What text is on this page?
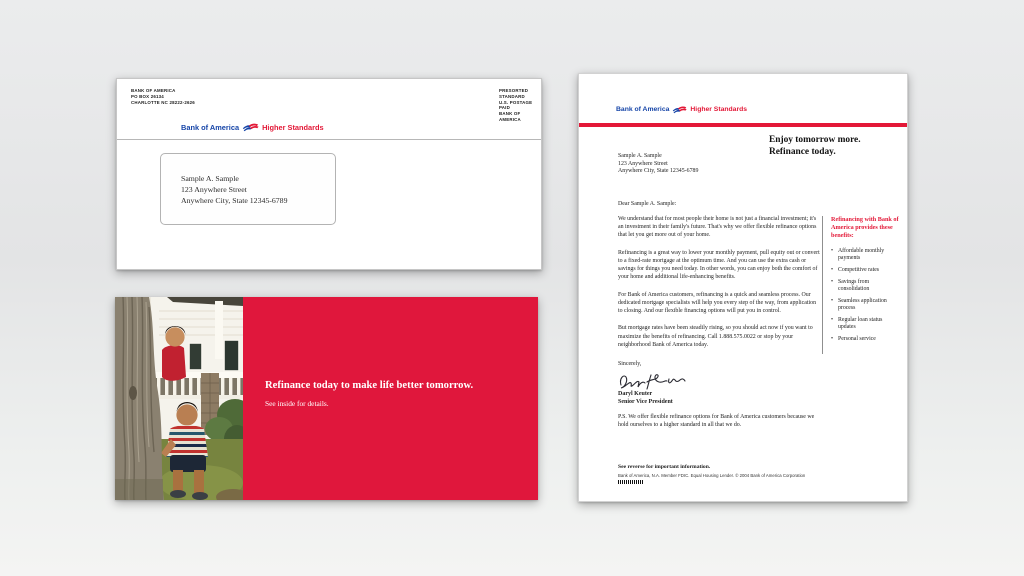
BANK OF AMERICA
PO BOX 26134
CHARLOTTE NC 28222-2626
PRESORTED
STANDARD
U.S. POSTAGE
PAID
BANK OF AMERICA
Bank of America	Higher Standards
Sample A. Sample
123 Anywhere Street
Anywhere City, State 12345-6789

Refinance today to make life better tomorrow.

See inside for details.

Bank of America	Higher Standards
Enjoy tomorrow more.
Refinance today.
Sample A. Sample
123 Anywhere Street
Anywhere City, State 12345-6789
Dear Sample A. Sample:

We understand that for most people their home is not just a financial investment; it's an investment in their family's future. That's why we offer flexible refinance options that let you get more out of your home.

Refinancing is a great way to lower your monthly payment, pull equity out or convert to a fixed-rate mortgage at the optimum time. And you can use the extra cash or savings for things you need today. In other words, you can enjoy both the comfort of your home and additional life-enhancing benefits.

For Bank of America customers, refinancing is a quick and seamless process. Our dedicated mortgage specialists will help you every step of the way, from application to closing. And our flexible financing options will put you in control.

But mortgage rates have been steadily rising, so you should act now if you want to maximize the benefits of refinancing. Call 1.888.575.0022 or stop by your neighborhood Bank of America today.

Refinancing with Bank of America provides these benefits:

• Affordable monthly payments
• Competitive rates
• Savings from consolidation
• Seamless application process
• Regular loan status updates
• Personal service
Sincerely,
Daryl Keuter
Senior Vice President
P.S. We offer flexible refinance options for Bank of America customers because we hold ourselves to a higher standard in all that we do.

See reverse for important information.

Bank of America, N.A. Member FDIC. Equal Housing Lender. © 2004 Bank of America Corporation
